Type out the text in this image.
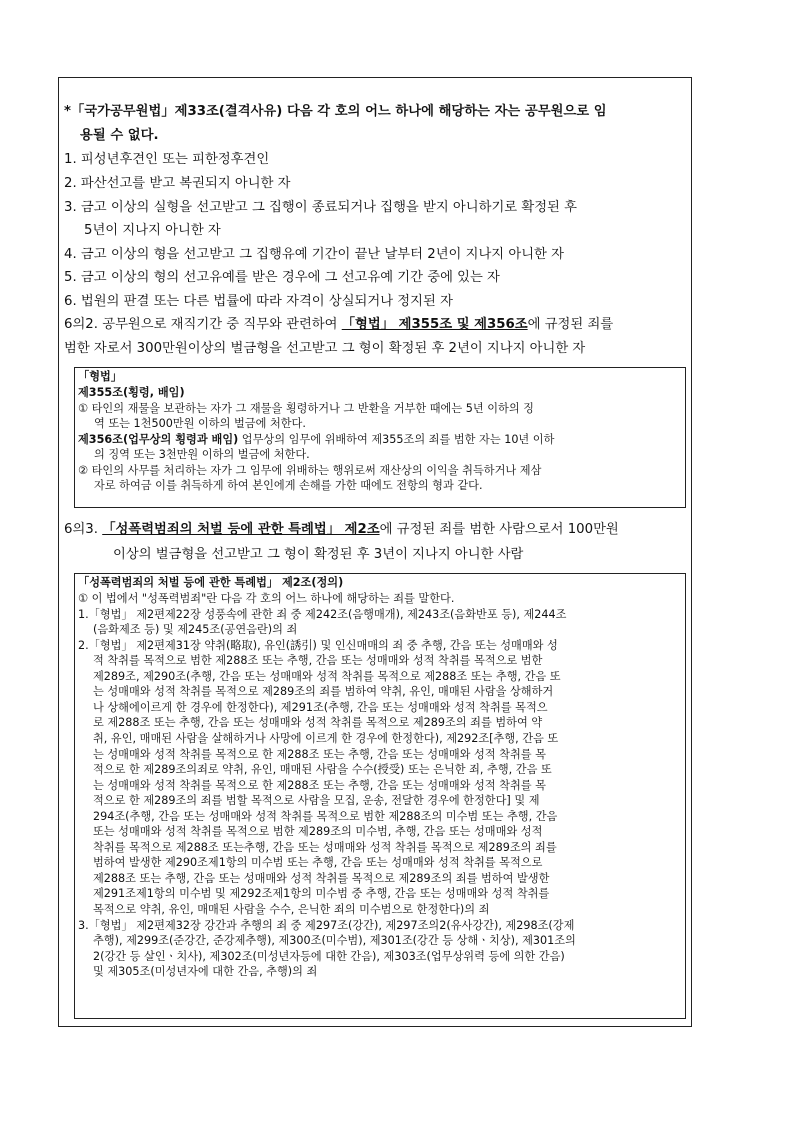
*「국가공무원법」제33조(결격사유) 다음 각 호의 어느 하나에 해당하는 자는 공무원으로 임

용될 수 없다.

1. 피성년후견인 또는 피한정후견인

2. 파산선고를 받고 복권되지 아니한 자

3. 금고 이상의 실형을 선고받고 그 집행이 종료되거나 집행을 받지 아니하기로 확정된 후

5년이 지나지 아니한 자

4. 금고 이상의 형을 선고받고 그 집행유예 기간이 끝난 날부터 2년이 지나지 아니한 자

5. 금고 이상의 형의 선고유예를 받은 경우에 그 선고유예 기간 중에 있는 자

6. 법원의 판결 또는 다른 법률에 따라 자격이 상실되거나 정지된 자

6의2. 공무원으로 재직기간 중 직무와 관련하여 「형법」 제355조 및 제356조에 규정된 죄를

범한 자로서 300만원이상의 벌금형을 선고받고 그 형이 확정된 후 2년이 지나지 아니한 자

「형법」

제355조(횡령, 배임)

① 타인의 재물을 보관하는 자가 그 재물을 횡령하거나 그 반환을 거부한 때에는 5년 이하의 징

역 또는 1천500만원 이하의 벌금에 처한다.

제356조(업무상의 횡령과 배임) 업무상의 임무에 위배하여 제355조의 죄를 범한 자는 10년 이하

의 징역 또는 3천만원 이하의 벌금에 처한다.

② 타인의 사무를 처리하는 자가 그 임무에 위배하는 행위로써 재산상의 이익을 취득하거나 제삼

자로 하여금 이를 취득하게 하여 본인에게 손해를 가한 때에도 전항의 형과 같다.

6의3. 「성폭력범죄의 처벌 등에 관한 특례법」 제2조에 규정된 죄를 범한 사람으로서 100만원

이상의 벌금형을 선고받고 그 형이 확정된 후 3년이 지나지 아니한 사람

「성폭력범죄의 처벌 등에 관한 특례법」 제2조(정의)

① 이 법에서 "성폭력범죄"란 다음 각 호의 어느 하나에 해당하는 죄를 말한다.

1.「형법」 제2편제22장 성풍속에 관한 죄 중 제242조(음행매개), 제243조(음화반포 등), 제244조

(음화제조 등) 및 제245조(공연음란)의 죄

2.「형법」 제2편제31장 약취(略取), 유인(誘引) 및 인신매매의 죄 중 추행, 간음 또는 성매매와 성

적 착취를 목적으로 범한 제288조 또는 추행, 간음 또는 성매매와 성적 착취를 목적으로 범한

제289조, 제290조(추행, 간음 또는 성매매와 성적 착취를 목적으로 제288조 또는 추행, 간음 또

는 성매매와 성적 착취를 목적으로 제289조의 죄를 범하여 약취, 유인, 매매된 사람을 상해하거

나 상해에이르게 한 경우에 한정한다), 제291조(추행, 간음 또는 성매매와 성적 착취를 목적으

로 제288조 또는 추행, 간음 또는 성매매와 성적 착취를 목적으로 제289조의 죄를 범하여 약

취, 유인, 매매된 사람을 살해하거나 사망에 이르게 한 경우에 한정한다), 제292조[추행, 간음 또

는 성매매와 성적 착취를 목적으로 한 제288조 또는 추행, 간음 또는 성매매와 성적 착취를 목

적으로 한 제289조의죄로 약취, 유인, 매매된 사람을 수수(授受) 또는 은닉한 죄, 추행, 간음 또

는 성매매와 성적 착취를 목적으로 한 제288조 또는 추행, 간음 또는 성매매와 성적 착취를 목

적으로 한 제289조의 죄를 범할 목적으로 사람을 모집, 운송, 전달한 경우에 한정한다] 및 제

294조(추행, 간음 또는 성매매와 성적 착취를 목적으로 범한 제288조의 미수범 또는 추행, 간음

또는 성매매와 성적 착취를 목적으로 범한 제289조의 미수범, 추행, 간음 또는 성매매와 성적

착취를 목적으로 제288조 또는추행, 간음 또는 성매매와 성적 착취를 목적으로 제289조의 죄를

범하여 발생한 제290조제1항의 미수범 또는 추행, 간음 또는 성매매와 성적 착취를 목적으로

제288조 또는 추행, 간음 또는 성매매와 성적 착취를 목적으로 제289조의 죄를 범하여 발생한

제291조제1항의 미수범 및 제292조제1항의 미수범 중 추행, 간음 또는 성매매와 성적 착취를

목적으로 약취, 유인, 매매된 사람을 수수, 은닉한 죄의 미수범으로 한정한다)의 죄

3.「형법」 제2편제32장 강간과 추행의 죄 중 제297조(강간), 제297조의2(유사강간), 제298조(강제

추행), 제299조(준강간, 준강제추행), 제300조(미수범), 제301조(강간 등 상해ㆍ치상), 제301조의

2(강간 등 살인ㆍ치사), 제302조(미성년자등에 대한 간음), 제303조(업무상위력 등에 의한 간음)

및 제305조(미성년자에 대한 간음, 추행)의 죄
